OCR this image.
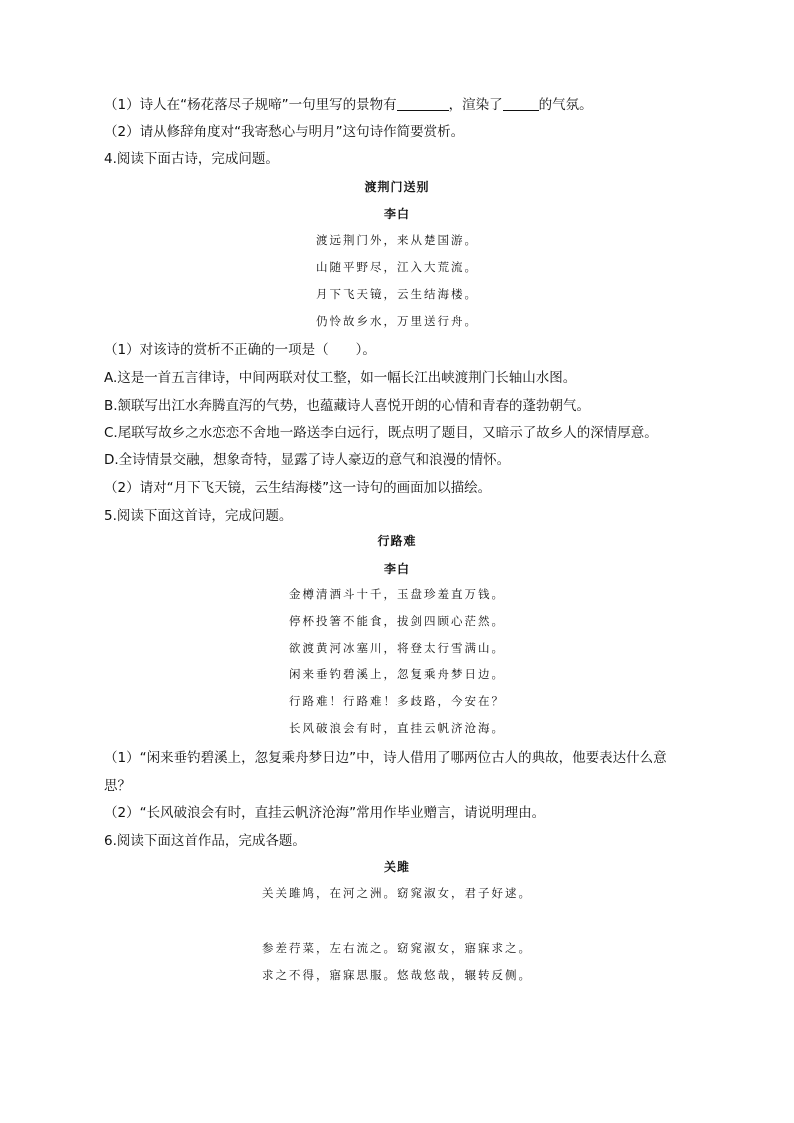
（1）诗人在“杨花落尽子规啼”一句里写的景物有	，渲染了	的气氛。
（2）请从修辞角度对“我寄愁心与明月”这句诗作简要赏析。
4.阅读下面古诗，完成问题。
渡荆门送别
李白
渡远荆门外，来从楚国游。
山随平野尽，江入大荒流。
月下飞天镜，云生结海楼。
仍怜故乡水，万里送行舟。
（1）对该诗的赏析不正确的一项是（　　）。
A.这是一首五言律诗，中间两联对仗工整，如一幅长江出峡渡荆门长轴山水图。
B.颔联写出江水奔腾直泻的气势，也蕴藏诗人喜悦开朗的心情和青春的蓬勃朝气。
C.尾联写故乡之水恋恋不舍地一路送李白远行，既点明了题目，又暗示了故乡人的深情厚意。
D.全诗情景交融，想象奇特，显露了诗人豪迈的意气和浪漫的情怀。
（2）请对“月下飞天镜，云生结海楼”这一诗句的画面加以描绘。
5.阅读下面这首诗，完成问题。
行路难
李白
金樽清酒斗十千，玉盘珍羞直万钱。
停杯投箸不能食，拔剑四顾心茫然。
欲渡黄河冰塞川，将登太行雪满山。
闲来垂钓碧溪上，忽复乘舟梦日边。
行路难！行路难！多歧路，今安在？
长风破浪会有时，直挂云帆济沧海。
（1）“闲来垂钓碧溪上，忽复乘舟梦日边”中，诗人借用了哪两位古人的典故，他要表达什么意
思？
（2）“长风破浪会有时，直挂云帆济沧海”常用作毕业赠言，请说明理由。
6.阅读下面这首作品，完成各题。
关雎
关关雎鸠，在河之洲。窈窕淑女，君子好逑。
参差荇菜，左右流之。窈窕淑女，寤寐求之。
求之不得，寤寐思服。悠哉悠哉，辗转反侧。
